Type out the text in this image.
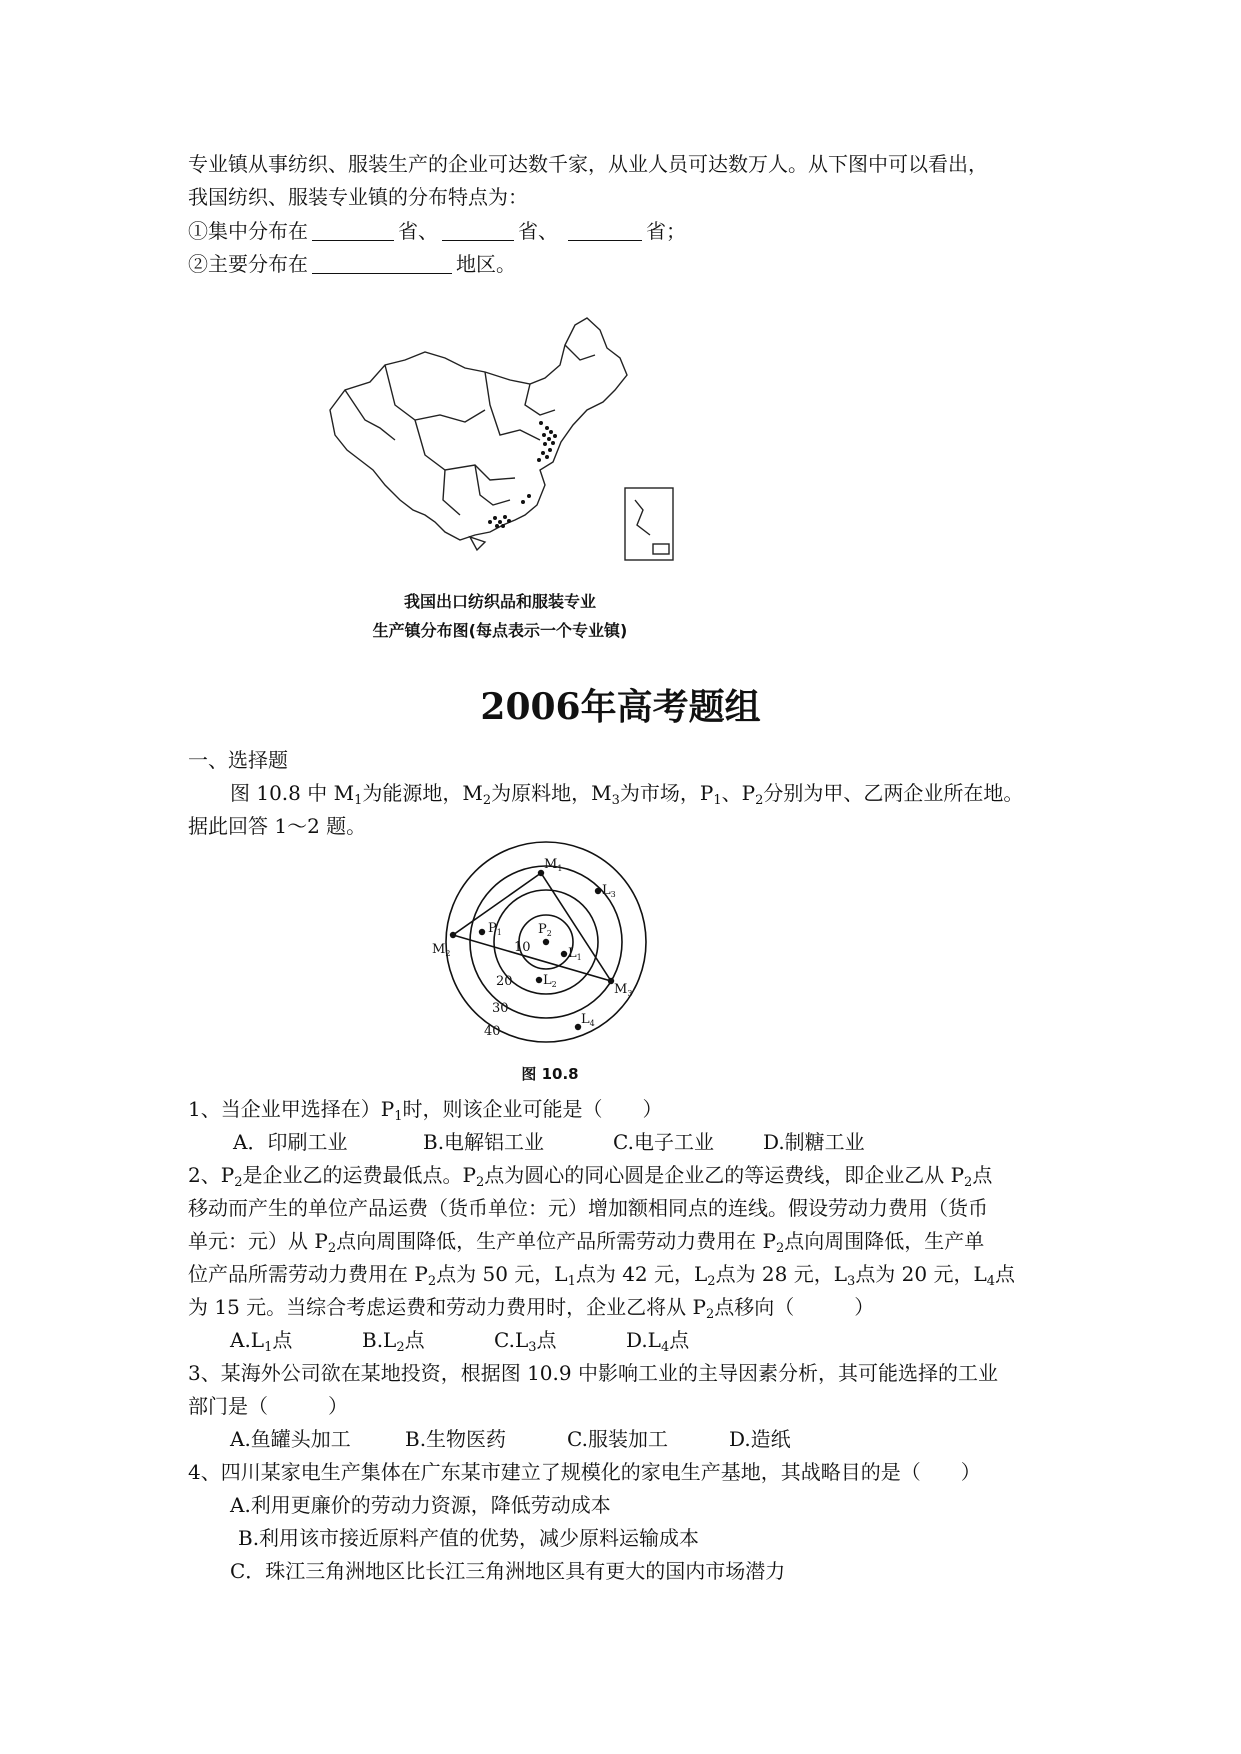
专业镇从事纺织、服装生产的企业可达数千家，从业人员可达数万人。从下图中可以看出，
我国纺织、服装专业镇的分布特点为：
①集中分布在	省、	省、	省；
②主要分布在	地区。
我国出口纺织品和服装专业
生产镇分布图(每点表示一个专业镇)
2006年高考题组
一、选择题
图 10.8 中 $M_1$为能源地，$M_2$为原料地，$M_3$为市场，$P_1$、$P_2$分别为甲、乙两企业所在地。
据此回答 1～2 题。
$M_1$
$M_2$
$M_3$
$P_1$	$P_2$
$L_1$
$L_2$
$L_3$
$L_4$
10
20
30
40
图 10.8
1、当企业甲选择在）$P_1$时，则该企业可能是（　　）
A．印刷工业	B.电解铝工业	C.电子工业 D.制糖工业
2、$P_2$是企业乙的运费最低点。$P_2$点为圆心的同心圆是企业乙的等运费线，即企业乙从 $P_2$点
移动而产生的单位产品运费（货币单位：元）增加额相同点的连线。假设劳动力费用（货币
单元：元）从 $P_2$点向周围降低，生产单位产品所需劳动力费用在 $P_2$点向周围降低，生产单
位产品所需劳动力费用在 $P_2$点为 50 元，$L_1$点为 42 元，$L_2$点为 28 元，$L_3$点为 20 元，$L_4$点
为 15 元。当综合考虑运费和劳动力费用时，企业乙将从 $P_2$点移向（　　　）
$A.L_1$点	$B.L_2$点	$C.L_3$点	$D.L_4$点
3、某海外公司欲在某地投资，根据图 10.9 中影响工业的主导因素分析，其可能选择的工业
部门是（　　　）
A.鱼罐头加工	B.生物医药	C.服装加工	D.造纸
4、四川某家电生产集体在广东某市建立了规模化的家电生产基地，其战略目的是（　　）
A.利用更廉价的劳动力资源，降低劳动成本
B.利用该市接近原料产值的优势，减少原料运输成本
C．珠江三角洲地区比长江三角洲地区具有更大的国内市场潜力
